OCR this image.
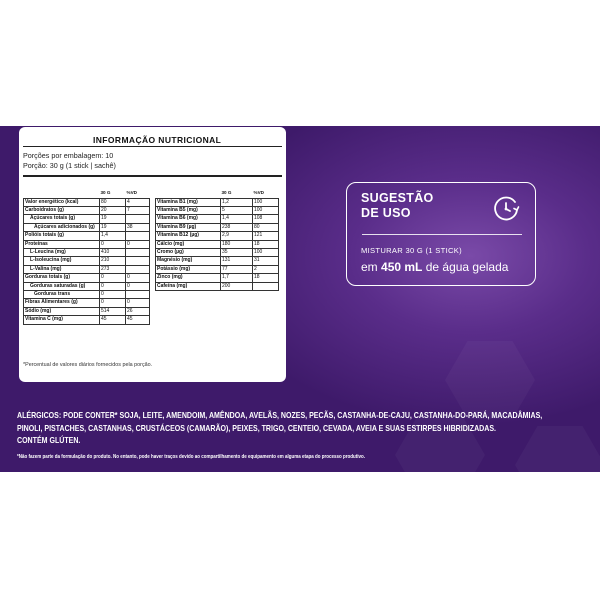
INFORMAÇÃO NUTRICIONAL
Porções por embalagem: 10
Porção: 30 g (1 stick | sachê)
	30 G	%VD
Valor energético (kcal)	80	4
Carboidratos (g)	20	7
Açúcares totais (g)	19	
Açúcares adicionados (g)	19	38
Polióis totais (g)	1,4	
Proteínas	0	0
L-Leucina (mg)	410	
L-Isoleucina (mg)	210	
L-Valina (mg)	273	
Gorduras totais (g)	0	0
Gorduras saturadas (g)	0	0
Gorduras trans	0	
Fibras Alimentares (g)	0	0
Sódio (mg)	514	26
Vitamina C (mg)	45	45
	30 G	%VD
Vitamina B1 (mg)	1,2	100
Vitamina B5 (mg)	5	100
Vitamina B6 (mg)	1,4	108
Vitamina B9 (µg)	238	80
Vitamina B12 (µg)	2,9	121
Cálcio (mg)	180	18
Cromo (µg)	35	100
Magnésio (mg)	131	31
Potássio (mg)	77	2
Zinco (mg)	1,7	18
Cafeína (mg)	200	
*Percentual de valores diários fornecidos pela porção.
SUGESTÃO DE USO
MISTURAR 30 G (1 STICK)
em 450 mL de água gelada
ALÉRGICOS: PODE CONTER* SOJA, LEITE, AMENDOIM, AMÊNDOA, AVELÃS, NOZES, PECÃS, CASTANHA-DE-CAJU, CASTANHA-DO-PARÁ, MACADÂMIAS,
PINOLI, PISTACHES, CASTANHAS, CRUSTÁCEOS (CAMARÃO), PEIXES, TRIGO, CENTEIO, CEVADA, AVEIA E SUAS ESTIRPES HIBRIDIZADAS.
CONTÉM GLÚTEN.
*Não fazem parte da formulação do produto. No entanto, pode haver traços devido ao compartilhamento de equipamento em alguma etapa do processo produtivo.
